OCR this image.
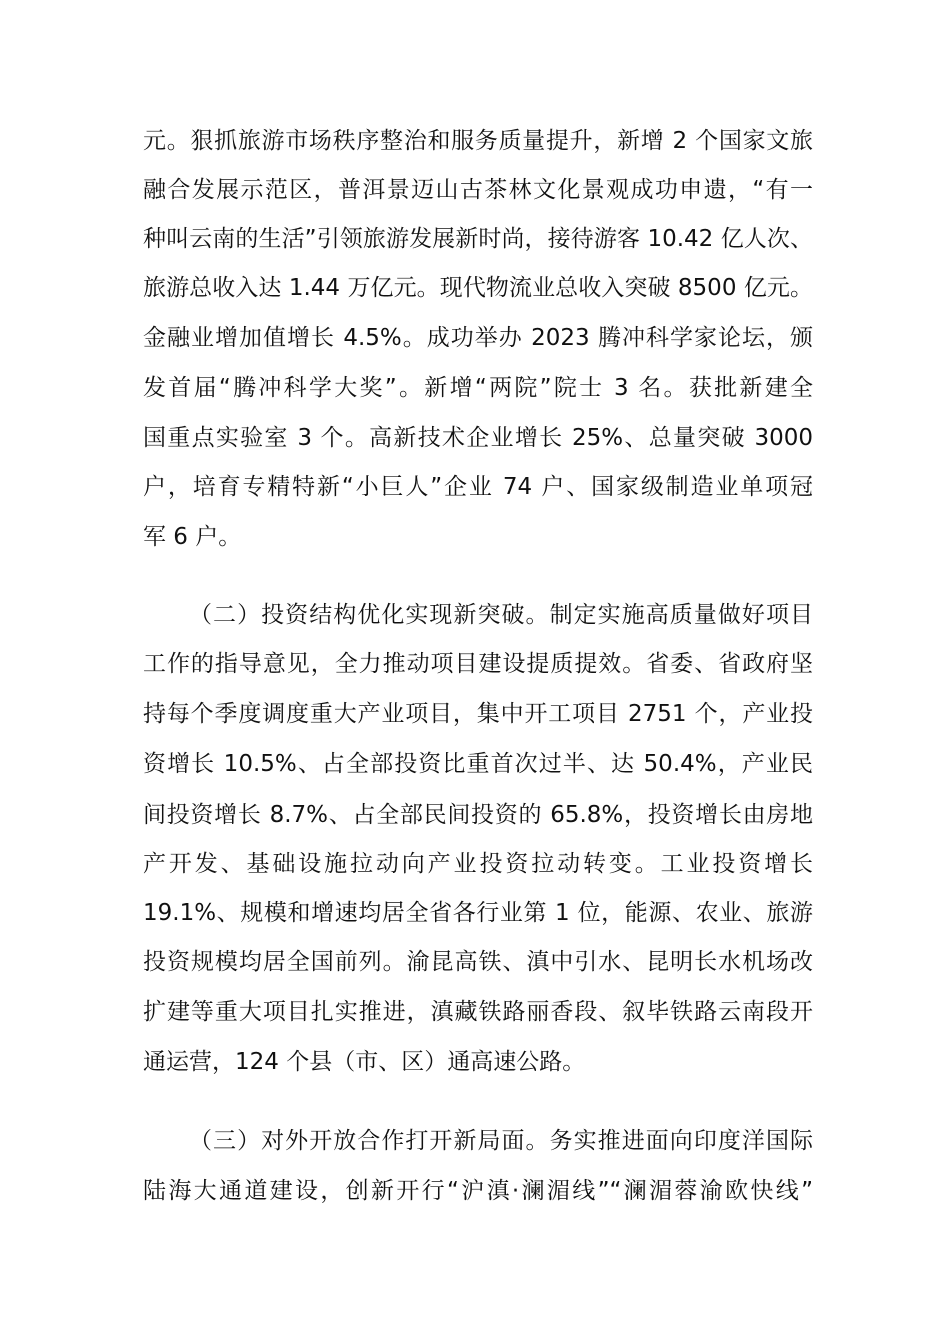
元。狠抓旅游市场秩序整治和服务质量提升，新增 2 个国家文旅

融合发展示范区，普洱景迈山古茶林文化景观成功申遗，“有一

种叫云南的生活”引领旅游发展新时尚，接待游客 10.42 亿人次、

旅游总收入达 1.44 万亿元。现代物流业总收入突破 8500 亿元。

金融业增加值增长 4.5%。成功举办 2023 腾冲科学家论坛，颁

发首届“腾冲科学大奖”。新增“两院”院士 3 名。获批新建全

国重点实验室 3 个。高新技术企业增长 25%、总量突破 3000

户，培育专精特新“小巨人”企业 74 户、国家级制造业单项冠

军 6 户。

（二）投资结构优化实现新突破。制定实施高质量做好项目

工作的指导意见，全力推动项目建设提质提效。省委、省政府坚

持每个季度调度重大产业项目，集中开工项目 2751 个，产业投

资增长 10.5%、占全部投资比重首次过半、达 50.4%，产业民

间投资增长 8.7%、占全部民间投资的 65.8%，投资增长由房地

产开发、基础设施拉动向产业投资拉动转变。工业投资增长

19.1%、规模和增速均居全省各行业第 1 位，能源、农业、旅游

投资规模均居全国前列。渝昆高铁、滇中引水、昆明长水机场改

扩建等重大项目扎实推进，滇藏铁路丽香段、叙毕铁路云南段开

通运营，124 个县（市、区）通高速公路。

（三）对外开放合作打开新局面。务实推进面向印度洋国际

陆海大通道建设，创新开行“沪滇·澜湄线”“澜湄蓉渝欧快线”
